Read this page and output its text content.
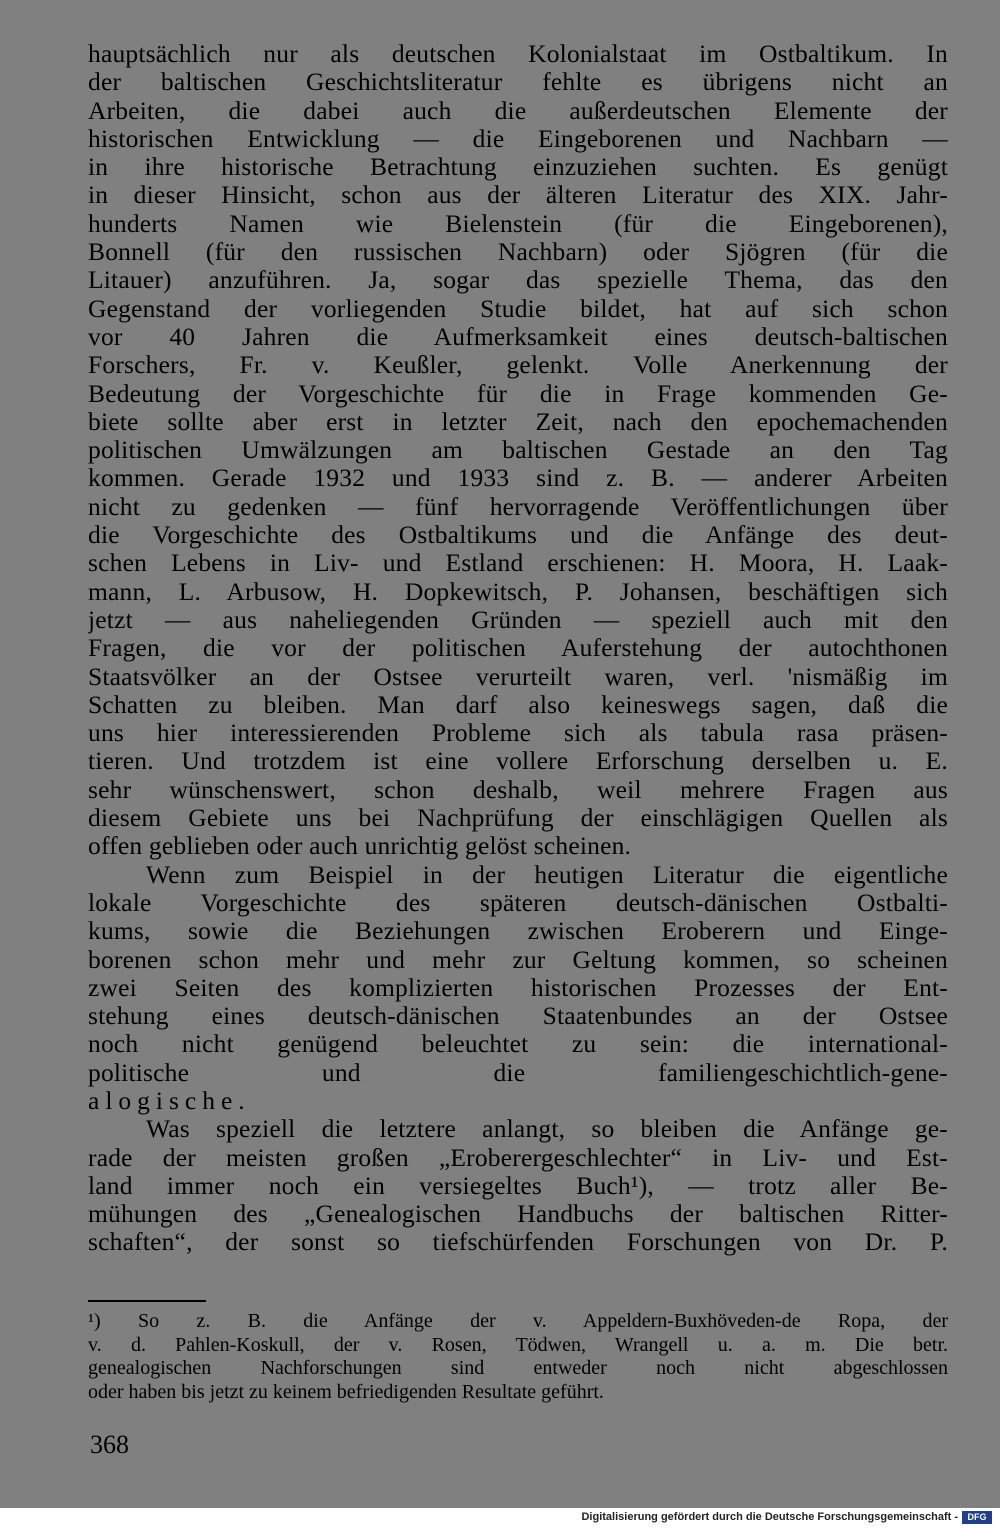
hauptsächlich nur als deutschen Kolonialstaat im Ostbaltikum. In
der baltischen Geschichtsliteratur fehlte es übrigens nicht an
Arbeiten, die dabei auch die außerdeutschen Elemente der
historischen Entwicklung — die Eingeborenen und Nachbarn —
in ihre historische Betrachtung einzuziehen suchten. Es genügt
in dieser Hinsicht, schon aus der älteren Literatur des XIX. Jahr-
hunderts Namen wie Bielenstein (für die Eingeborenen),
Bonnell (für den russischen Nachbarn) oder Sjögren (für die
Litauer) anzuführen. Ja, sogar das spezielle Thema, das den
Gegenstand der vorliegenden Studie bildet, hat auf sich schon
vor 40 Jahren die Aufmerksamkeit eines deutsch-baltischen
Forschers, Fr. v. Keußler, gelenkt. Volle Anerkennung der
Bedeutung der Vorgeschichte für die in Frage kommenden Ge-
biete sollte aber erst in letzter Zeit, nach den epochemachenden
politischen Umwälzungen am baltischen Gestade an den Tag
kommen. Gerade 1932 und 1933 sind z. B. — anderer Arbeiten
nicht zu gedenken — fünf hervorragende Veröffentlichungen über
die Vorgeschichte des Ostbaltikums und die Anfänge des deut-
schen Lebens in Liv- und Estland erschienen: H. Moora, H. Laak-
mann, L. Arbusow, H. Dopkewitsch, P. Johansen, beschäftigen sich
jetzt — aus naheliegenden Gründen — speziell auch mit den
Fragen, die vor der politischen Auferstehung der autochthonen
Staatsvölker an der Ostsee verurteilt waren, verl. 'nismäßig im
Schatten zu bleiben. Man darf also keineswegs sagen, daß die
uns hier interessierenden Probleme sich als tabula rasa präsen-
tieren. Und trotzdem ist eine vollere Erforschung derselben u. E.
sehr wünschenswert, schon deshalb, weil mehrere Fragen aus
diesem Gebiete uns bei Nachprüfung der einschlägigen Quellen als
offen geblieben oder auch unrichtig gelöst scheinen.
Wenn zum Beispiel in der heutigen Literatur die eigentliche
lokale Vorgeschichte des späteren deutsch-dänischen Ostbalti-
kums, sowie die Beziehungen zwischen Eroberern und Einge-
borenen schon mehr und mehr zur Geltung kommen, so scheinen
zwei Seiten des komplizierten historischen Prozesses der Ent-
stehung eines deutsch-dänischen Staatenbundes an der Ostsee
noch nicht genügend beleuchtet zu sein: die international-
politische und die familiengeschichtlich-gene-
alogische.
Was speziell die letztere anlangt, so bleiben die Anfänge ge-
rade der meisten großen „Eroberergeschlechter“ in Liv- und Est-
land immer noch ein versiegeltes Buch¹), — trotz aller Be-
mühungen des „Genealogischen Handbuchs der baltischen Ritter-
schaften“, der sonst so tiefschürfenden Forschungen von Dr. P.
¹) So z. B. die Anfänge der v. Appeldern-Buxhöveden-de Ropa, der
v. d. Pahlen-Koskull, der v. Rosen, Tödwen, Wrangell u. a. m. Die betr.
genealogischen Nachforschungen sind entweder noch nicht abgeschlossen
oder haben bis jetzt zu keinem befriedigenden Resultate geführt.
368
Digitalisierung gefördert durch die Deutsche Forschungsgemeinschaft -	DFG
